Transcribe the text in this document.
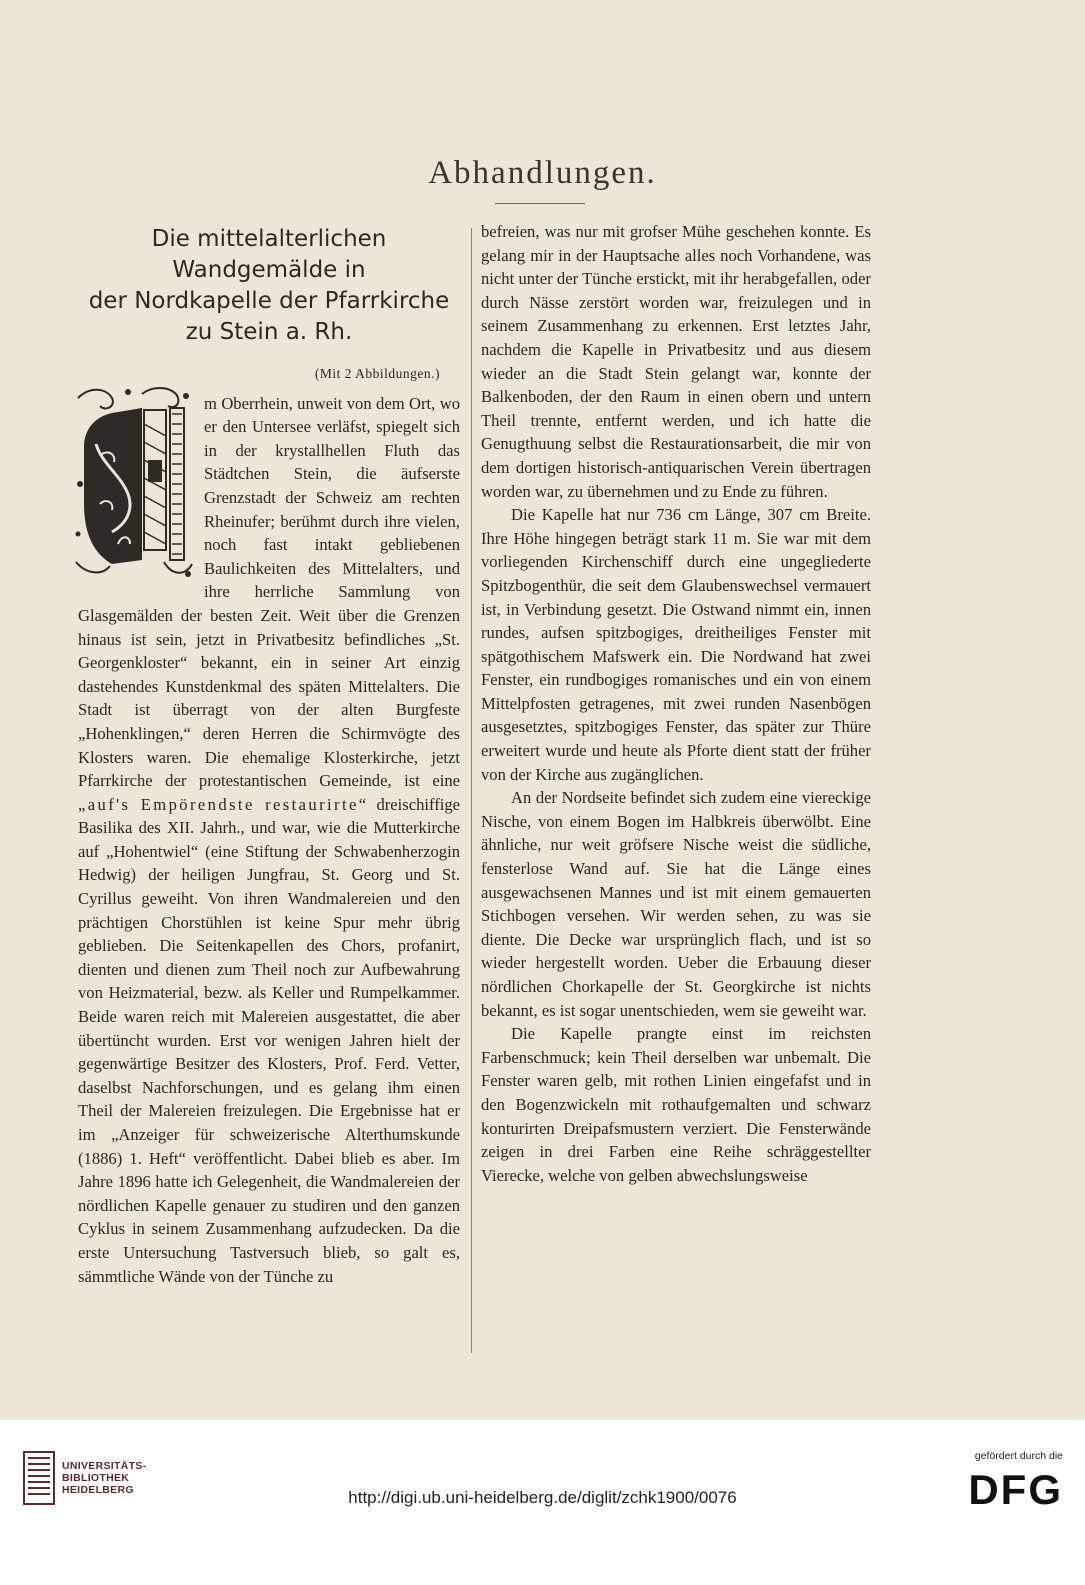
Abhandlungen.
Die mittelalterlichen Wandgemälde in
der Nordkapelle der Pfarrkirche
zu Stein a. Rh.
(Mit 2 Abbildungen.)

m Oberrhein, unweit von dem Ort, wo er den Untersee verläfst, spiegelt sich in der krystallhellen Fluth das Städtchen Stein, die äufserste Grenzstadt der Schweiz am rechten Rheinufer; berühmt durch ihre vielen, noch fast intakt gebliebenen Baulichkeiten des Mittelalters, und ihre herrliche Sammlung von Glasgemälden der besten Zeit. Weit über die Grenzen hinaus ist sein, jetzt in Privatbesitz befindliches „St. Georgenkloster“ bekannt, ein in seiner Art einzig dastehendes Kunstdenkmal des späten Mittelalters. Die Stadt ist überragt von der alten Burgfeste „Hohenklingen,“ deren Herren die Schirmvögte des Klosters waren. Die ehemalige Klosterkirche, jetzt Pfarrkirche der protestantischen Gemeinde, ist eine „auf's Empörendste restaurirte“ dreischiffige Basilika des XII. Jahrh., und war, wie die Mutterkirche auf „Hohentwiel“ (eine Stiftung der Schwabenherzogin Hedwig) der heiligen Jungfrau, St. Georg und St. Cyrillus geweiht. Von ihren Wandmalereien und den prächtigen Chorstühlen ist keine Spur mehr übrig geblieben. Die Seitenkapellen des Chors, profanirt, dienten und dienen zum Theil noch zur Aufbewahrung von Heizmaterial, bezw. als Keller und Rumpelkammer. Beide waren reich mit Malereien ausgestattet, die aber übertüncht wurden. Erst vor wenigen Jahren hielt der gegenwärtige Besitzer des Klosters, Prof. Ferd. Vetter, daselbst Nachforschungen, und es gelang ihm einen Theil der Malereien freizulegen. Die Ergebnisse hat er im „Anzeiger für schweizerische Alterthumskunde (1886) 1. Heft“ veröffentlicht. Dabei blieb es aber. Im Jahre 1896 hatte ich Gelegenheit, die Wandmalereien der nördlichen Kapelle genauer zu studiren und den ganzen Cyklus in seinem Zusammenhang aufzudecken. Da die erste Untersuchung Tastversuch blieb, so galt es, sämmtliche Wände von der Tünche zu

befreien, was nur mit grofser Mühe geschehen konnte. Es gelang mir in der Hauptsache alles noch Vorhandene, was nicht unter der Tünche erstickt, mit ihr herabgefallen, oder durch Nässe zerstört worden war, freizulegen und in seinem Zusammenhang zu erkennen. Erst letztes Jahr, nachdem die Kapelle in Privatbesitz und aus diesem wieder an die Stadt Stein gelangt war, konnte der Balkenboden, der den Raum in einen obern und untern Theil trennte, entfernt werden, und ich hatte die Genugthuung selbst die Restaurationsarbeit, die mir von dem dortigen historisch-antiquarischen Verein übertragen worden war, zu übernehmen und zu Ende zu führen.

Die Kapelle hat nur 736 cm Länge, 307 cm Breite. Ihre Höhe hingegen beträgt stark 11 m. Sie war mit dem vorliegenden Kirchenschiff durch eine ungegliederte Spitzbogenthür, die seit dem Glaubenswechsel vermauert ist, in Verbindung gesetzt. Die Ostwand nimmt ein, innen rundes, aufsen spitzbogiges, dreitheiliges Fenster mit spätgothischem Mafswerk ein. Die Nordwand hat zwei Fenster, ein rundbogiges romanisches und ein von einem Mittelpfosten getragenes, mit zwei runden Nasenbögen ausgesetztes, spitzbogiges Fenster, das später zur Thüre erweitert wurde und heute als Pforte dient statt der früher von der Kirche aus zugänglichen.

An der Nordseite befindet sich zudem eine viereckige Nische, von einem Bogen im Halbkreis überwölbt. Eine ähnliche, nur weit gröfsere Nische weist die südliche, fensterlose Wand auf. Sie hat die Länge eines ausgewachsenen Mannes und ist mit einem gemauerten Stichbogen versehen. Wir werden sehen, zu was sie diente. Die Decke war ursprünglich flach, und ist so wieder hergestellt worden. Ueber die Erbauung dieser nördlichen Chorkapelle der St. Georgkirche ist nichts bekannt, es ist sogar unentschieden, wem sie geweiht war.

Die Kapelle prangte einst im reichsten Farbenschmuck; kein Theil derselben war unbemalt. Die Fenster waren gelb, mit rothen Linien eingefafst und in den Bogenzwickeln mit rothaufgemalten und schwarz konturirten Dreipafsmustern verziert. Die Fensterwände zeigen in drei Farben eine Reihe schräggestellter Vierecke, welche von gelben abwechslungsweise

UNIVERSITÄTS-
BIBLIOTHEK
HEIDELBERG	http://digi.ub.uni-heidelberg.de/diglit/zchk1900/0076
gefördert durch die
DFG
